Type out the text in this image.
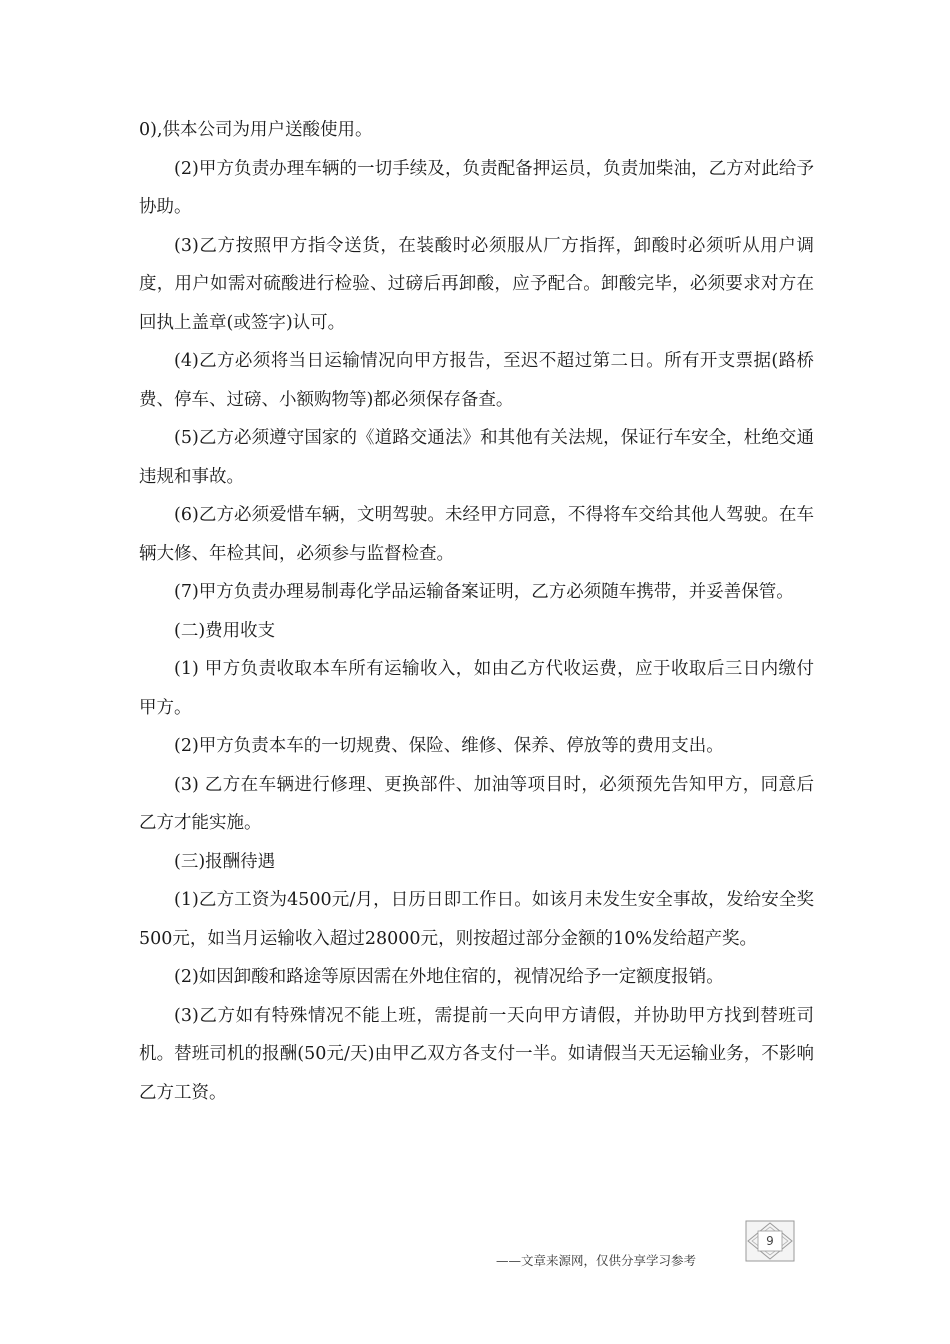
0),供本公司为用户送酸使用。

(2)甲方负责办理车辆的一切手续及，负责配备押运员，负责加柴油，乙方对此给予协助。

(3)乙方按照甲方指令送货，在装酸时必须服从厂方指挥，卸酸时必须听从用户调度，用户如需对硫酸进行检验、过磅后再卸酸，应予配合。卸酸完毕，必须要求对方在回执上盖章(或签字)认可。

(4)乙方必须将当日运输情况向甲方报告，至迟不超过第二日。所有开支票据(路桥费、停车、过磅、小额购物等)都必须保存备查。

(5)乙方必须遵守国家的《道路交通法》和其他有关法规，保证行车安全，杜绝交通违规和事故。

(6)乙方必须爱惜车辆，文明驾驶。未经甲方同意，不得将车交给其他人驾驶。在车辆大修、年检其间，必须参与监督检查。

(7)甲方负责办理易制毒化学品运输备案证明，乙方必须随车携带，并妥善保管。

(二)费用收支

(1) 甲方负责收取本车所有运输收入，如由乙方代收运费，应于收取后三日内缴付甲方。

(2)甲方负责本车的一切规费、保险、维修、保养、停放等的费用支出。

(3) 乙方在车辆进行修理、更换部件、加油等项目时，必须预先告知甲方，同意后乙方才能实施。

(三)报酬待遇

(1)乙方工资为4500元/月，日历日即工作日。如该月未发生安全事故，发给安全奖500元，如当月运输收入超过28000元，则按超过部分金额的10%发给超产奖。

(2)如因卸酸和路途等原因需在外地住宿的，视情况给予一定额度报销。

(3)乙方如有特殊情况不能上班，需提前一天向甲方请假，并协助甲方找到替班司机。替班司机的报酬(50元/天)由甲乙双方各支付一半。如请假当天无运输业务，不影响乙方工资。

9
——文章来源网，仅供分享学习参考
